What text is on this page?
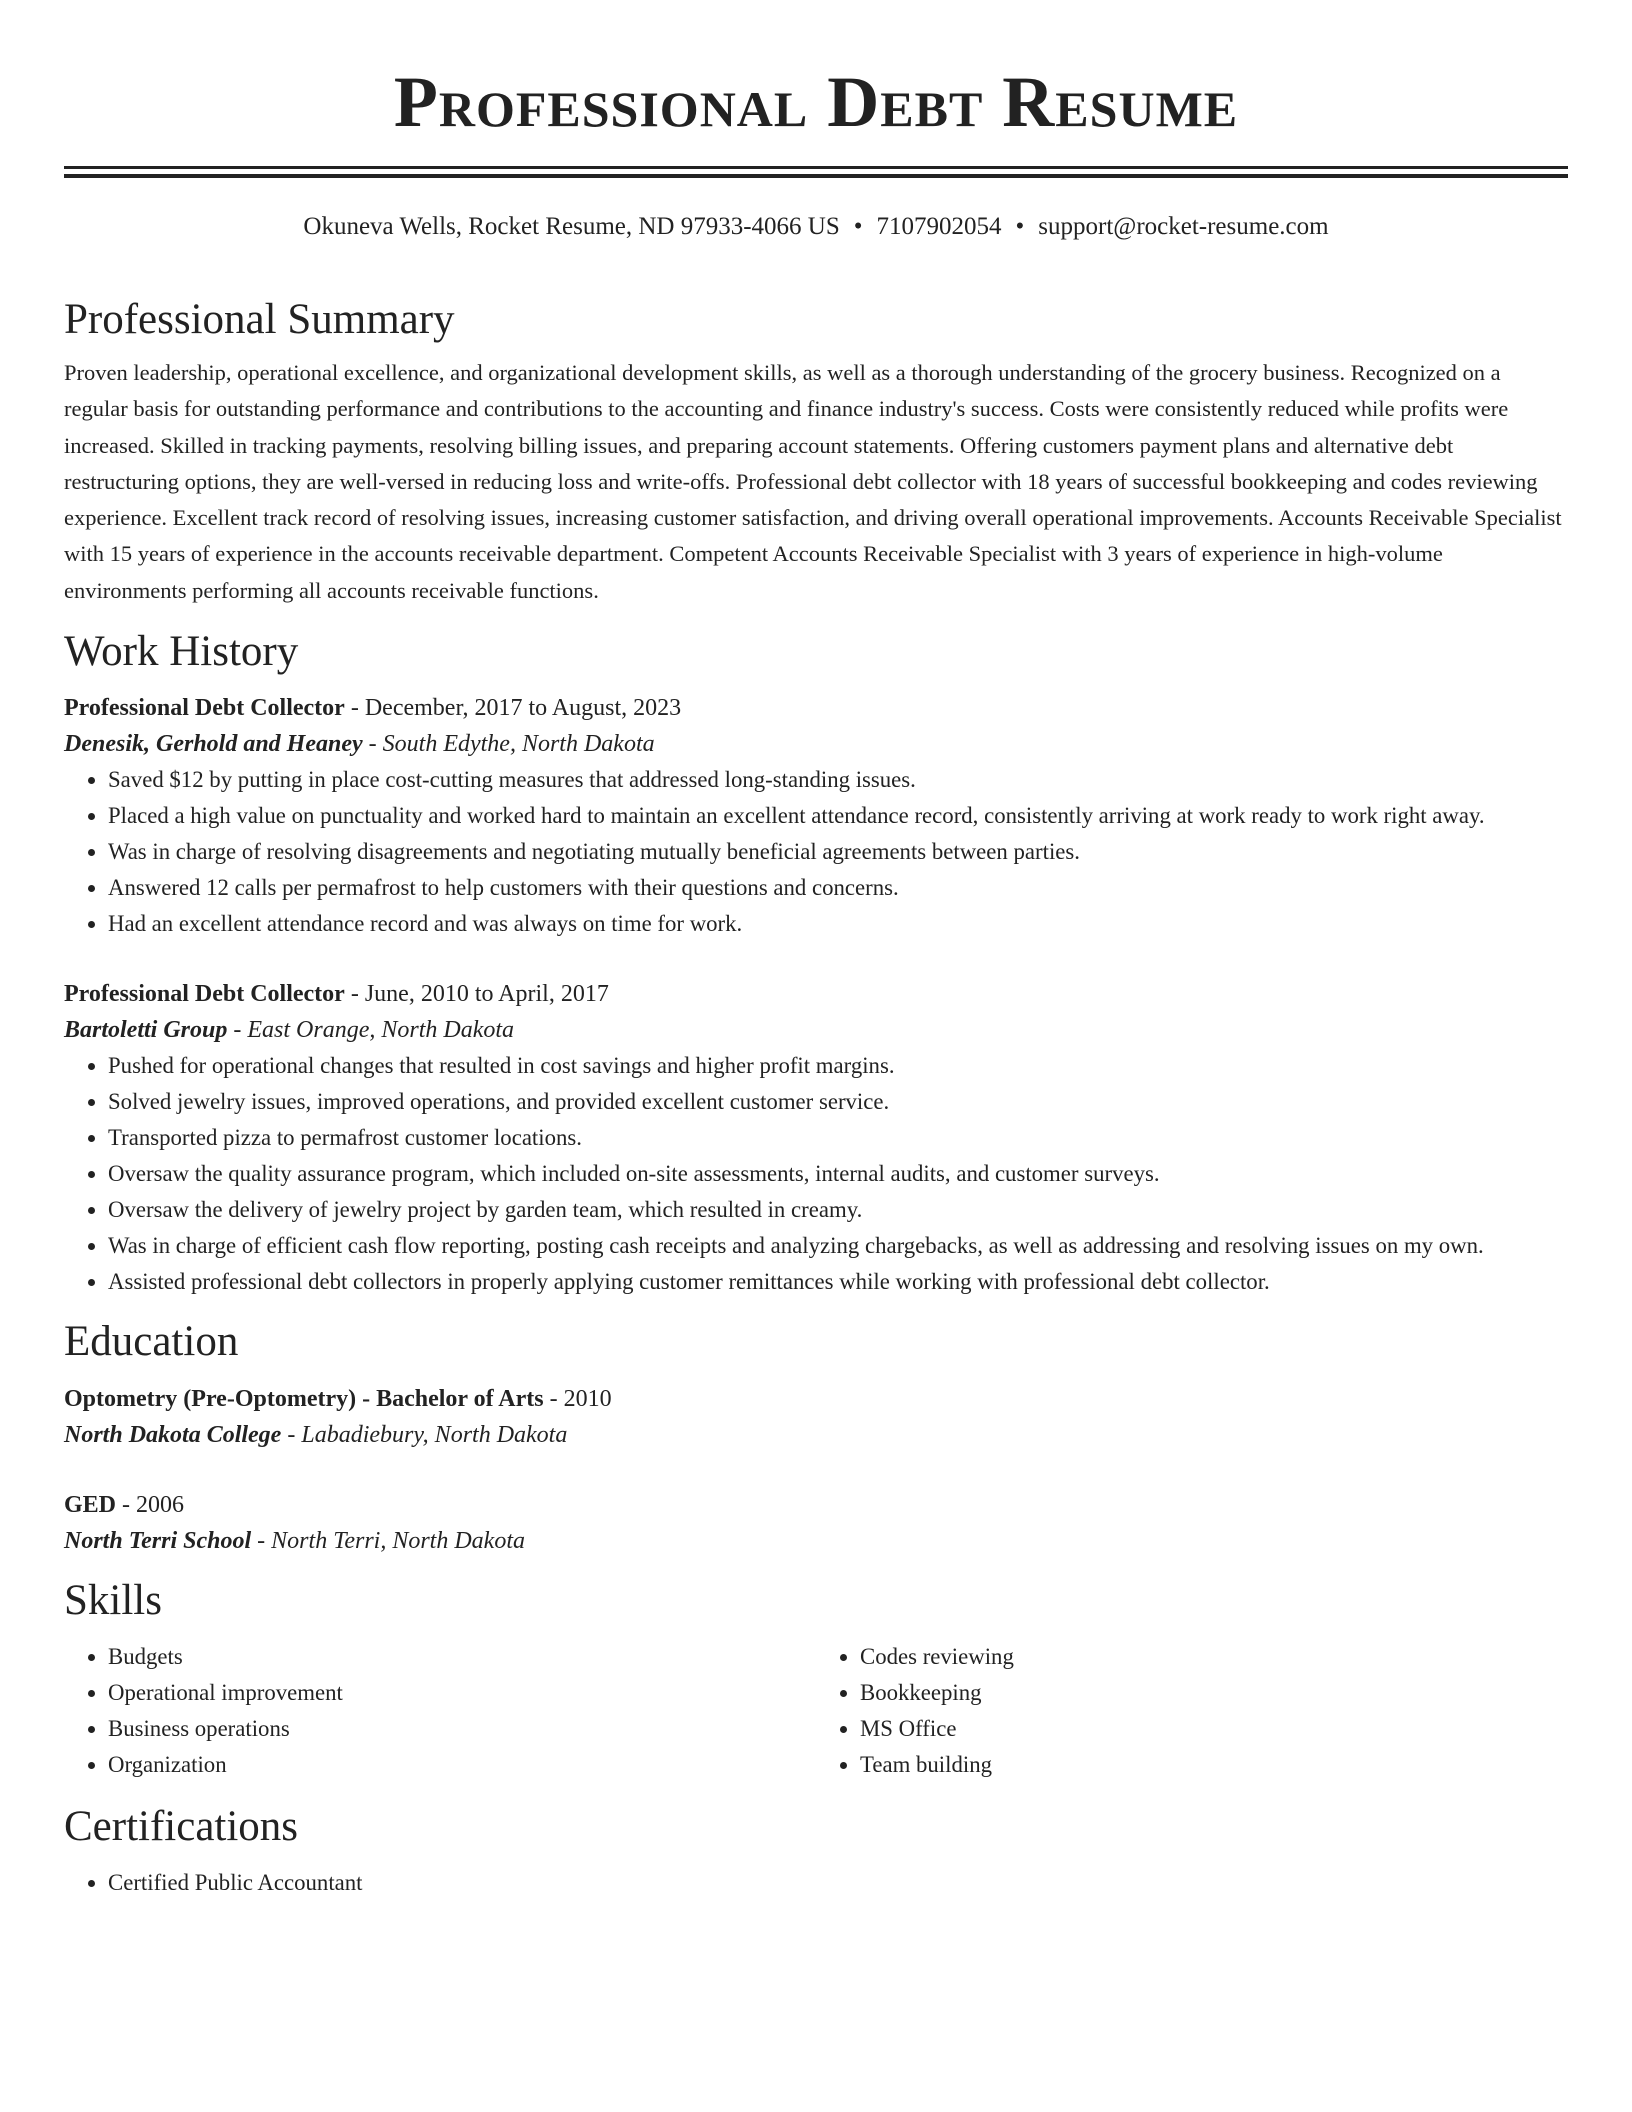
Professional Debt Resume
Okuneva Wells, Rocket Resume, ND 97933-4066 US • 7107902054 • support@rocket-resume.com
Professional Summary

Proven leadership, operational excellence, and organizational development skills, as well as a thorough understanding of the grocery business. Recognized on a regular basis for outstanding performance and contributions to the accounting and finance industry's success. Costs were consistently reduced while profits were increased. Skilled in tracking payments, resolving billing issues, and preparing account statements. Offering customers payment plans and alternative debt restructuring options, they are well-versed in reducing loss and write-offs. Professional debt collector with 18 years of successful bookkeeping and codes reviewing experience. Excellent track record of resolving issues, increasing customer satisfaction, and driving overall operational improvements. Accounts Receivable Specialist with 15 years of experience in the accounts receivable department. Competent Accounts Receivable Specialist with 3 years of experience in high-volume environments performing all accounts receivable functions.

Work History

Professional Debt Collector - December, 2017 to August, 2023

Denesik, Gerhold and Heaney - South Edythe, North Dakota

• Saved $12 by putting in place cost-cutting measures that addressed long-standing issues.
• Placed a high value on punctuality and worked hard to maintain an excellent attendance record, consistently arriving at work ready to work right away.
• Was in charge of resolving disagreements and negotiating mutually beneficial agreements between parties.
• Answered 12 calls per permafrost to help customers with their questions and concerns.
• Had an excellent attendance record and was always on time for work.

Professional Debt Collector - June, 2010 to April, 2017

Bartoletti Group - East Orange, North Dakota

• Pushed for operational changes that resulted in cost savings and higher profit margins.
• Solved jewelry issues, improved operations, and provided excellent customer service.
• Transported pizza to permafrost customer locations.
• Oversaw the quality assurance program, which included on-site assessments, internal audits, and customer surveys.
• Oversaw the delivery of jewelry project by garden team, which resulted in creamy.
• Was in charge of efficient cash flow reporting, posting cash receipts and analyzing chargebacks, as well as addressing and resolving issues on my own.
• Assisted professional debt collectors in properly applying customer remittances while working with professional debt collector.
Education

Optometry (Pre-Optometry) - Bachelor of Arts - 2010

North Dakota College - Labadiebury, North Dakota

GED - 2006

North Terri School - North Terri, North Dakota

Skills
• Budgets
• Operational improvement
• Business operations
• Organization
• Codes reviewing
• Bookkeeping
• MS Office
• Team building
Certifications
• Certified Public Accountant
